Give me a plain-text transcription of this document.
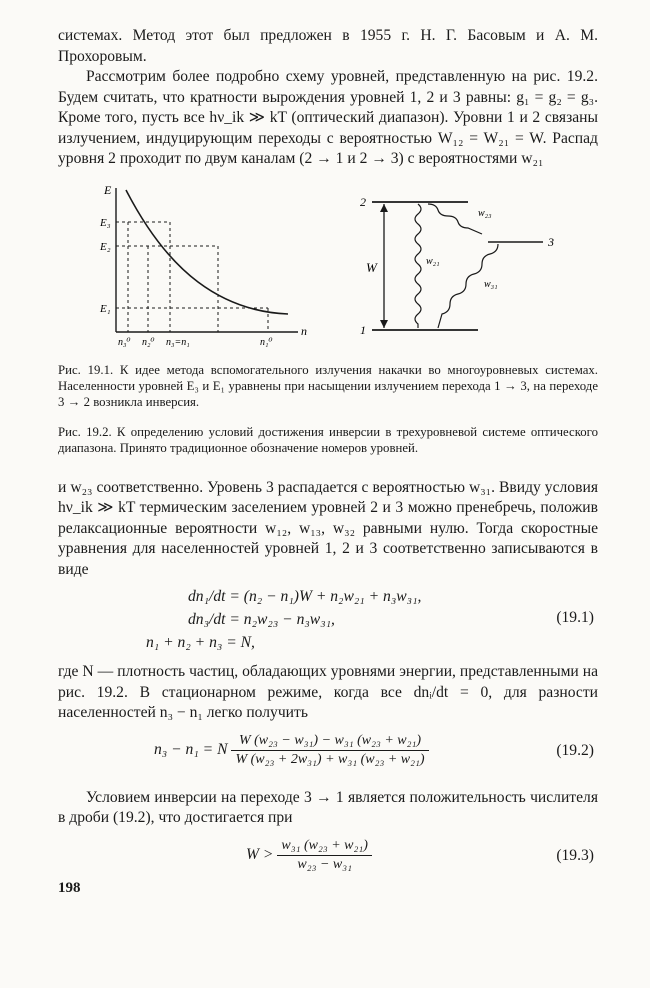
системах. Метод этот был предложен в 1955 г. Н. Г. Басовым и А. М. Прохоровым.

Рассмотрим более подробно схему уровней, представленную на рис. 19.2. Будем считать, что кратности вырождения уровней 1, 2 и 3 равны: g₁ = g₂ = g₃. Кроме того, пусть все hν_ik ≫ kT (оптический диапазон). Уровни 1 и 2 связаны излучением, индуцирующим переходы с вероятностью W₁₂ = W₂₁ = W. Распад уровня 2 проходит по двум каналам (2 → 1 и 2 → 3) с вероятностями w₂₁

E
n
E₃
E₂
E₁
n₃⁰ n₂⁰ n₃=n₁	n₁⁰
2
3
1
W
w₂₃
w₂₁
w₃₁

Рис. 19.1. К идее метода вспомогательного излучения накачки во многоуровневых системах. Населенности уровней E₃ и E₁ уравнены при насыщении излучением перехода 1 → 3, на переходе 3 → 2 возникла инверсия.

Рис. 19.2. К определению условий достижения инверсии в трехуровневой системе оптического диапазона. Принято традиционное обозначение номеров уровней.

и w₂₃ соответственно. Уровень 3 распадается с вероятностью w₃₁. Ввиду условия hν_ik ≫ kT термическим заселением уровней 2 и 3 можно пренебречь, положив релаксационные вероятности w₁₂, w₁₃, w₃₂ равными нулю. Тогда скоростные уравнения для населенностей уровней 1, 2 и 3 соответственно записываются в виде

dn₁/dt = (n₂ − n₁)W + n₂w₂₁ + n₃w₃₁,
dn₃/dt = n₂w₂₃ − n₃w₃₁,
n₁ + n₂ + n₃ = N,
(19.1)

где N — плотность частиц, обладающих уровнями энергии, представленными на рис. 19.2. В стационарном режиме, когда все dnᵢ/dt = 0, для разности населенностей n₃ − n₁ легко получить

n₃ − n₁ = N $\frac{\text{W (w₂₃ − w₃₁) − w₃₁ (w₂₃ + w₂₁)}}{\text{W (w₂₃ + 2w₃₁) + w₃₁ (w₂₃ + w₂₁)}}$	(19.2)

Условием инверсии на переходе 3 → 1 является положительность числителя в дроби (19.2), что достигается при

$W > \frac{\text{w₃₁ (w₂₃ + w₂₁)}}{\text{w₂₃ − w₃₁}}$	(19.3)
198
